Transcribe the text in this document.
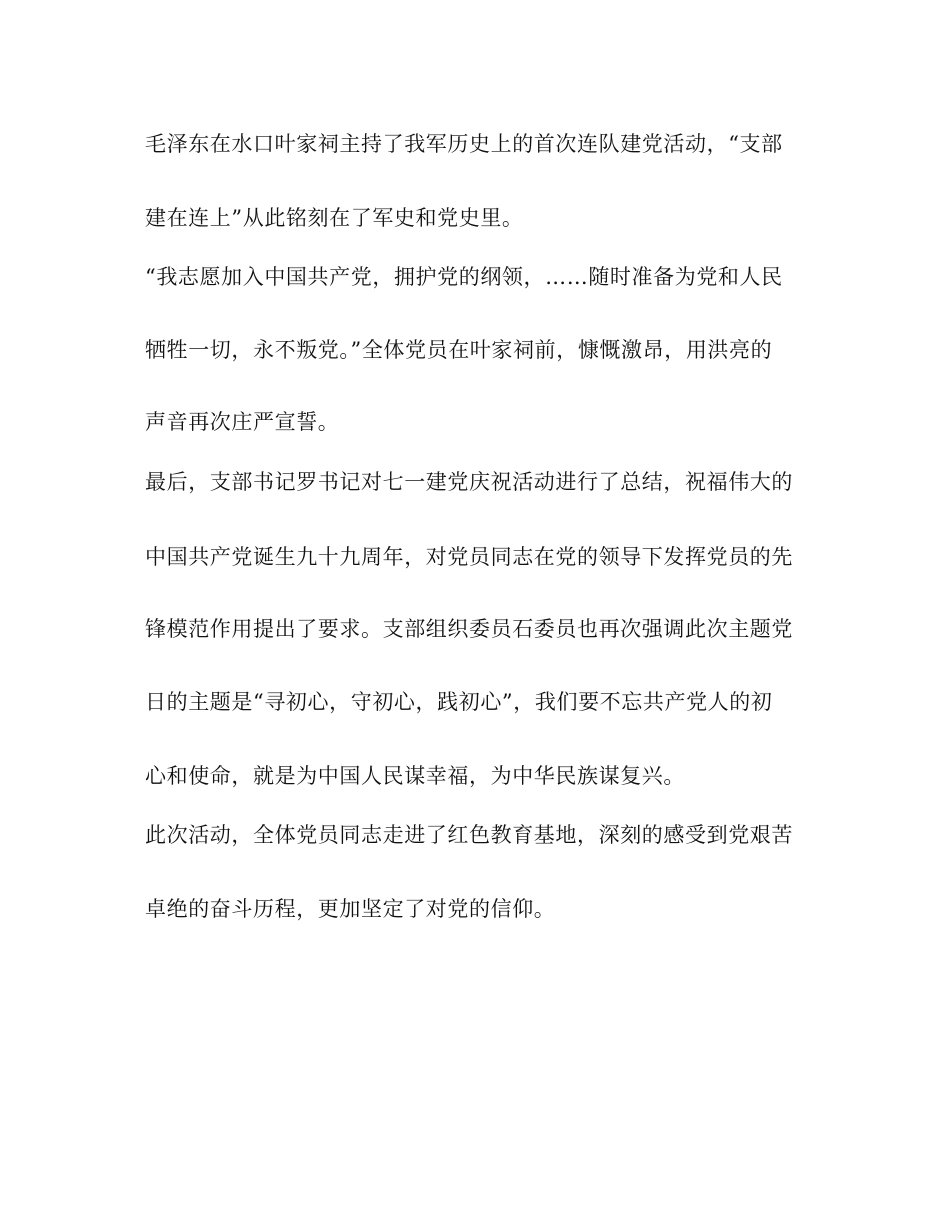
毛泽东在水口叶家祠主持了我军历史上的首次连队建党活动，“支部
建在连上”从此铭刻在了军史和党史里。
“我志愿加入中国共产党，拥护党的纲领，……随时准备为党和人民
牺牲一切，永不叛党。”全体党员在叶家祠前，慷慨激昂，用洪亮的
声音再次庄严宣誓。
最后，支部书记罗书记对七一建党庆祝活动进行了总结，祝福伟大的
中国共产党诞生九十九周年，对党员同志在党的领导下发挥党员的先
锋模范作用提出了要求。支部组织委员石委员也再次强调此次主题党
日的主题是“寻初心，守初心，践初心”，我们要不忘共产党人的初
心和使命，就是为中国人民谋幸福，为中华民族谋复兴。
此次活动，全体党员同志走进了红色教育基地，深刻的感受到党艰苦
卓绝的奋斗历程，更加坚定了对党的信仰。
